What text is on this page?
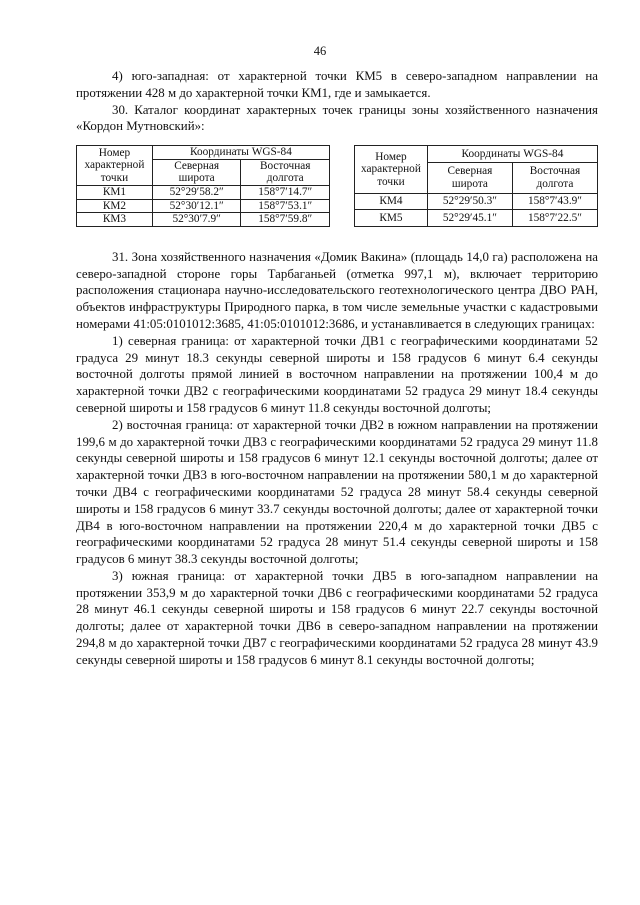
46

4) юго-западная: от характерной точки КМ5 в северо-западном направлении на протяжении 428 м до характерной точки КМ1, где и замыкается.

30. Каталог координат характерных точек границы зоны хозяйственного назначения «Кордон Мутновский»:

Номер характерной точки	Координаты WGS-84	
	Северная широта	Восточная долгота
КМ1	52°29′58.2″	158°7′14.7″
КМ2	52°30′12.1″	158°7′53.1″
КМ3	52°30′7.9″	158°7′59.8″
Номер характерной точки	Координаты WGS-84	
	Северная широта	Восточная долгота
КМ4	52°29′50.3″	158°7′43.9″
КМ5	52°29′45.1″	158°7′22.5″

31. Зона хозяйственного назначения «Домик Вакина» (площадь 14,0 га) расположена на северо-западной стороне горы Тарбаганьей (отметка 997,1 м), включает территорию расположения стационара научно-исследовательского геотехнологического центра ДВО РАН, объектов инфраструктуры Природного парка, в том числе земельные участки с кадастровыми номерами 41:05:0101012:3685, 41:05:0101012:3686, и устанавливается в следующих границах:

1) северная граница: от характерной точки ДВ1 с географическими координатами 52 градуса 29 минут 18.3 секунды северной широты и 158 градусов 6 минут 6.4 секунды восточной долготы прямой линией в восточном направлении на протяжении 100,4 м до характерной точки ДВ2 с географическими координатами 52 градуса 29 минут 18.4 секунды северной широты и 158 градусов 6 минут 11.8 секунды восточной долготы;

2) восточная граница: от характерной точки ДВ2 в южном направлении на протяжении 199,6 м до характерной точки ДВ3 с географическими координатами 52 градуса 29 минут 11.8 секунды северной широты и 158 градусов 6 минут 12.1 секунды восточной долготы; далее от характерной точки ДВ3 в юго-восточном направлении на протяжении 580,1 м до характерной точки ДВ4 с географическими координатами 52 градуса 28 минут 58.4 секунды северной широты и 158 градусов 6 минут 33.7 секунды восточной долготы; далее от характерной точки ДВ4 в юго-восточном направлении на протяжении 220,4 м до характерной точки ДВ5 с географическими координатами 52 градуса 28 минут 51.4 секунды северной широты и 158 градусов 6 минут 38.3 секунды восточной долготы;

3) южная граница: от характерной точки ДВ5 в юго-западном направлении на протяжении 353,9 м до характерной точки ДВ6 с географическими координатами 52 градуса 28 минут 46.1 секунды северной широты и 158 градусов 6 минут 22.7 секунды восточной долготы; далее от характерной точки ДВ6 в северо-западном направлении на протяжении 294,8 м до характерной точки ДВ7 с географическими координатами 52 градуса 28 минут 43.9 секунды северной широты и 158 градусов 6 минут 8.1 секунды восточной долготы;
